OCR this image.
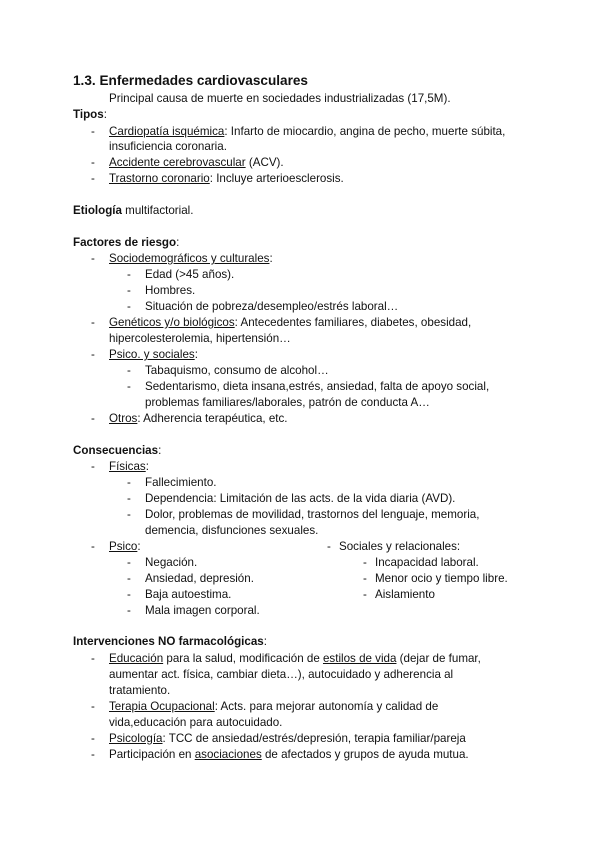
1.3. Enfermedades cardiovasculares
Principal causa de muerte en sociedades industrializadas (17,5M).
Tipos:
- Cardiopatía isquémica: Infarto de miocardio, angina de pecho, muerte súbita,
insuficiencia coronaria.
- Accidente cerebrovascular (ACV).
- Trastorno coronario: Incluye arterioesclerosis.
Etiología multifactorial.
Factores de riesgo:
- Sociodemográficos y culturales:
- Edad (>45 años).
- Hombres.
- Situación de pobreza/desempleo/estrés laboral…
- Genéticos y/o biológicos: Antecedentes familiares, diabetes, obesidad,
hipercolesterolemia, hipertensión…
- Psico. y sociales:
- Tabaquismo, consumo de alcohol…
- Sedentarismo, dieta insana,estrés, ansiedad, falta de apoyo social,
problemas familiares/laborales, patrón de conducta A…
- Otros: Adherencia terapéutica, etc.
Consecuencias:
- Físicas:
- Fallecimiento.
- Dependencia: Limitación de las acts. de la vida diaria (AVD).
- Dolor, problemas de movilidad, trastornos del lenguaje, memoria,
demencia, disfunciones sexuales.
- Psico:
- Negación.
- Ansiedad, depresión.
- Baja autoestima.
- Mala imagen corporal.
- Sociales y relacionales:
- Incapacidad laboral.
- Menor ocio y tiempo libre.
- Aislamiento
Intervenciones NO farmacológicas:
- Educación para la salud, modificación de estilos de vida (dejar de fumar,
aumentar act. física, cambiar dieta…), autocuidado y adherencia al
tratamiento.
- Terapia Ocupacional: Acts. para mejorar autonomía y calidad de
vida,educación para autocuidado.
- Psicología: TCC de ansiedad/estrés/depresión, terapia familiar/pareja
- Participación en asociaciones de afectados y grupos de ayuda mutua.
